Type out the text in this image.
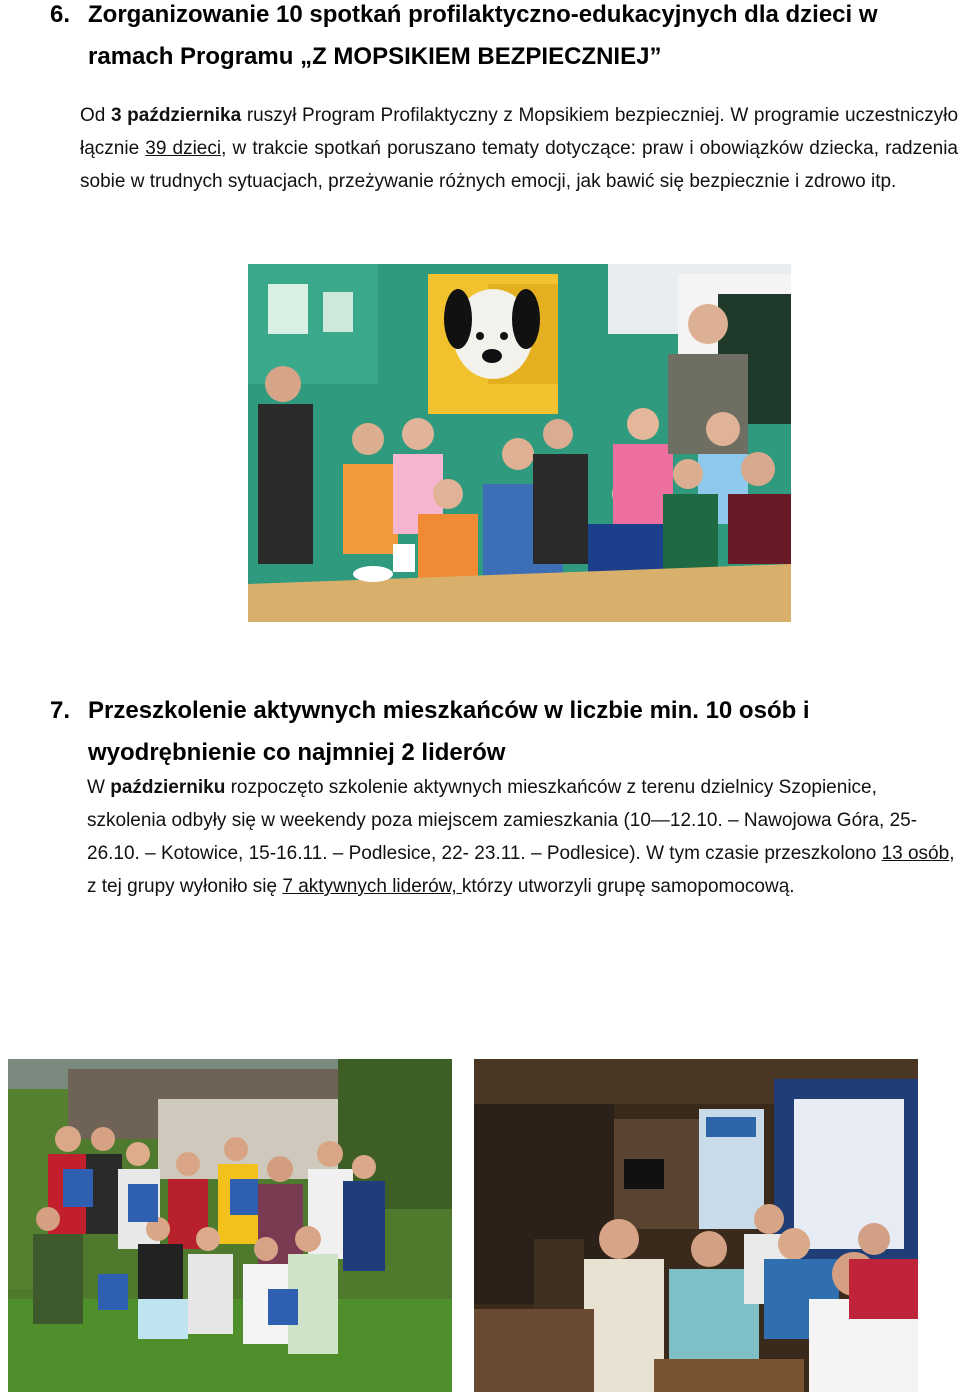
6. Zorganizowanie 10 spotkań profilaktyczno-edukacyjnych dla dzieci w ramach Programu „Z MOPSIKIEM BEZPIECZNIEJ”

Od 3 października ruszył Program Profilaktyczny z Mopsikiem bezpieczniej. W programie uczestniczyło łącznie 39 dzieci, w trakcie spotkań poruszano tematy dotyczące: praw i obowiązków dziecka, radzenia sobie w trudnych sytuacjach, przeżywanie różnych emocji, jak bawić się bezpiecznie i zdrowo itp.

7. Przeszkolenie aktywnych mieszkańców w liczbie min. 10 osób i wyodrębnienie co najmniej 2 liderów

W październiku rozpoczęto szkolenie aktywnych mieszkańców z terenu dzielnicy Szopienice, szkolenia odbyły się w weekendy poza miejscem zamieszkania (10—12.10. – Nawojowa Góra, 25-26.10. – Kotowice, 15-16.11. – Podlesice, 22- 23.11. – Podlesice). W tym czasie przeszkolono 13 osób, z tej grupy wyłoniło się 7 aktywnych liderów, którzy utworzyli grupę samopomocową.
